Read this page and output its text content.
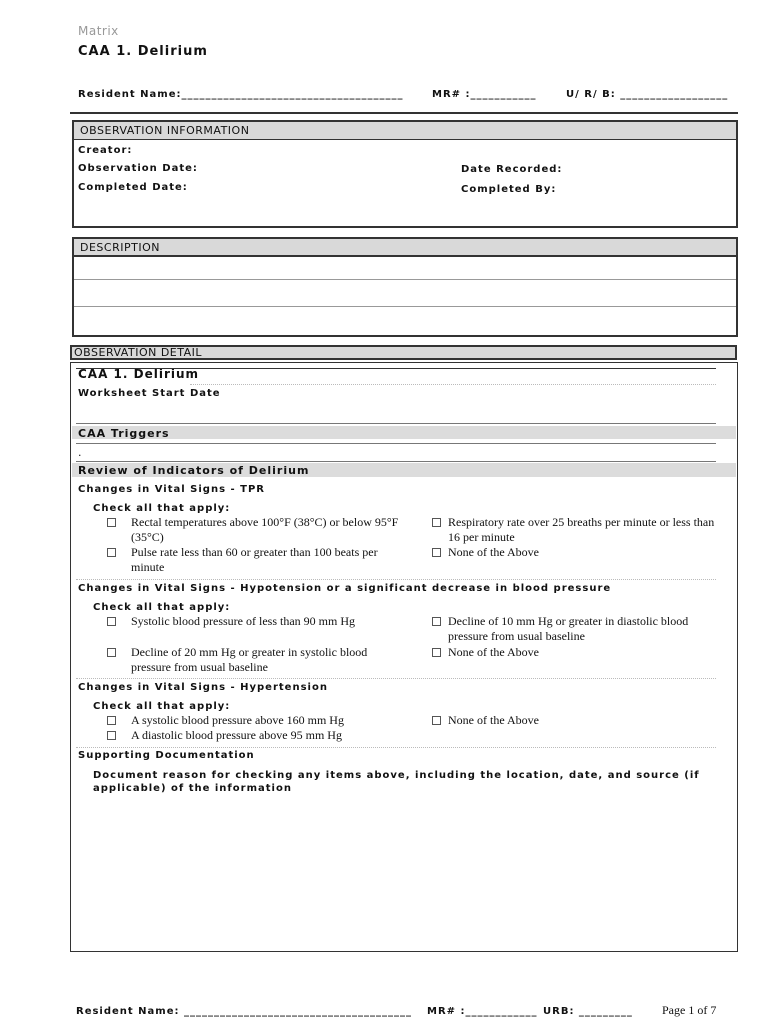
Matrix
CAA 1. Delirium
Resident Name:_____________________________________	MR# :___________	U/ R/ B: __________________
OBSERVATION INFORMATION
Creator:
Observation Date:	Date Recorded:
Completed Date:	Completed By:
DESCRIPTION
OBSERVATION DETAIL
CAA 1. Delirium
Worksheet Start Date
CAA Triggers
.
Review of Indicators of Delirium
Changes in Vital Signs - TPR
Check all that apply:
Rectal temperatures above 100°F (38°C) or below 95°F (35°C)
Pulse rate less than 60 or greater than 100 beats per minute
Respiratory rate over 25 breaths per minute or less than 16 per minute
None of the Above
Changes in Vital Signs - Hypotension or a significant decrease in blood pressure
Check all that apply:
Systolic blood pressure of less than 90 mm Hg
Decline of 20 mm Hg or greater in systolic blood pressure from usual baseline
Decline of 10 mm Hg or greater in diastolic blood pressure from usual baseline
None of the Above
Changes in Vital Signs - Hypertension
Check all that apply:
A systolic blood pressure above 160 mm Hg
A diastolic blood pressure above 95 mm Hg
None of the Above
Supporting Documentation
Document reason for checking any items above, including the location, date, and source (if applicable) of the information
Resident Name: ______________________________________ MR# :____________ URB: _________ Page 1 of 7
